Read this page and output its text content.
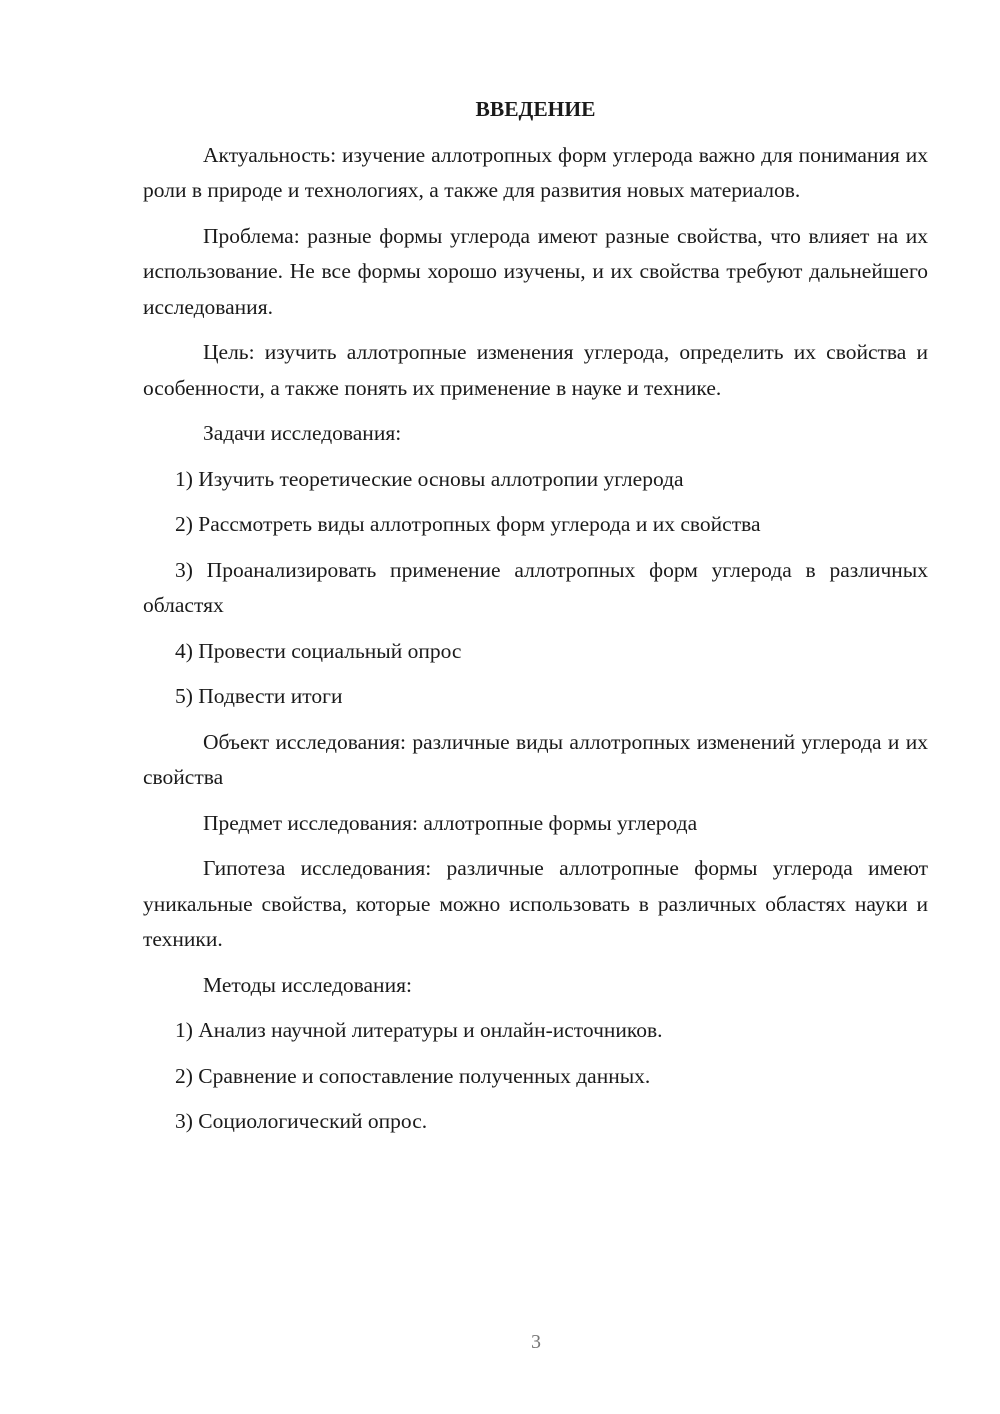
ВВЕДЕНИЕ

Актуальность: изучение аллотропных форм углерода важно для понимания их роли в природе и технологиях, а также для развития новых материалов.

Проблема: разные формы углерода имеют разные свойства, что влияет на их использование. Не все формы хорошо изучены, и их свойства требуют дальнейшего исследования.

Цель: изучить аллотропные изменения углерода, определить их свойства и особенности, а также понять их применение в науке и технике.

Задачи исследования:

1) Изучить теоретические основы аллотропии углерода

2) Рассмотреть виды аллотропных форм углерода и их свойства

3) Проанализировать применение аллотропных форм углерода в различных областях

4) Провести социальный опрос

5) Подвести итоги

Объект исследования: различные виды аллотропных изменений углерода и их свойства

Предмет исследования: аллотропные формы углерода

Гипотеза исследования: различные аллотропные формы углерода имеют уникальные свойства, которые можно использовать в различных областях науки и техники.

Методы исследования:

1) Анализ научной литературы и онлайн-источников.

2) Сравнение и сопоставление полученных данных.

3) Социологический опрос.

3
